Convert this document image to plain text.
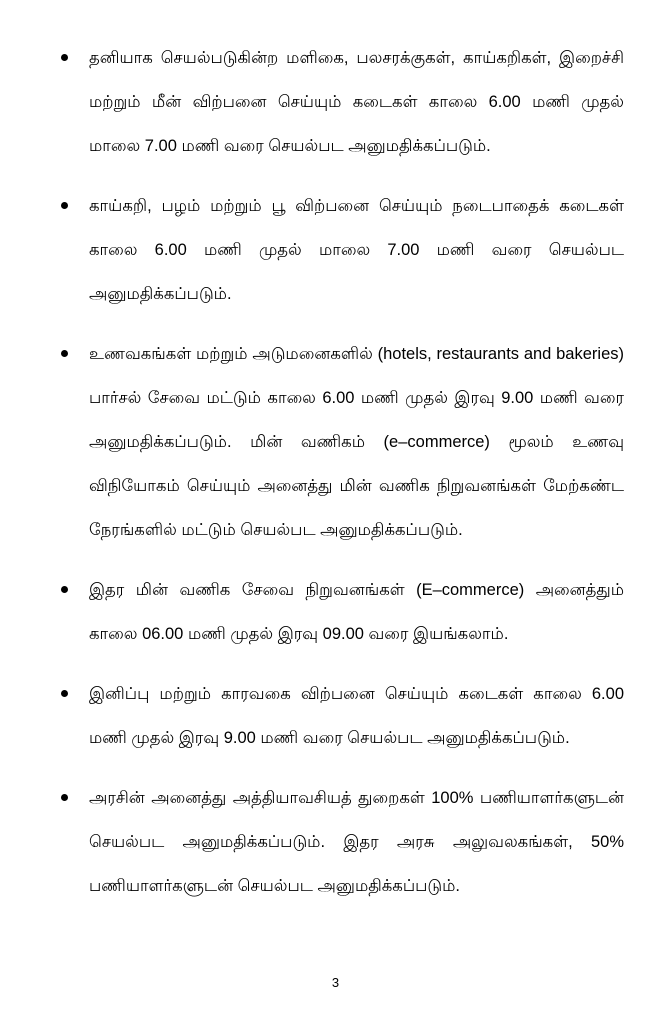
தனியாக செயல்படுகின்ற மளிகை, பலசரக்குகள், காய்கறிகள், இறைச்சி மற்றும் மீன் விற்பனை செய்யும் கடைகள் காலை 6.00 மணி முதல் மாலை 7.00 மணி வரை செயல்பட அனுமதிக்கப்படும்.

காய்கறி, பழம் மற்றும் பூ விற்பனை செய்யும் நடைபாதைக் கடைகள் காலை 6.00 மணி முதல் மாலை 7.00 மணி வரை செயல்பட அனுமதிக்கப்படும்.

உணவகங்கள் மற்றும் அடுமனைகளில் (hotels, restaurants and bakeries) பார்சல் சேவை மட்டும் காலை 6.00 மணி முதல் இரவு 9.00 மணி வரை அனுமதிக்கப்படும். மின் வணிகம் (e–commerce) மூலம் உணவு விநியோகம் செய்யும் அனைத்து மின் வணிக நிறுவனங்கள் மேற்கண்ட நேரங்களில் மட்டும் செயல்பட அனுமதிக்கப்படும்.

இதர மின் வணிக சேவை நிறுவனங்கள் (E–commerce) அனைத்தும் காலை 06.00 மணி முதல் இரவு 09.00 வரை இயங்கலாம்.

இனிப்பு மற்றும் காரவகை விற்பனை செய்யும் கடைகள் காலை 6.00 மணி முதல் இரவு 9.00 மணி வரை செயல்பட அனுமதிக்கப்படும்.

அரசின் அனைத்து அத்தியாவசியத் துறைகள் 100% பணியாளர்களுடன் செயல்பட அனுமதிக்கப்படும். இதர அரசு அலுவலகங்கள், 50% பணியாளர்களுடன் செயல்பட அனுமதிக்கப்படும்.

3
